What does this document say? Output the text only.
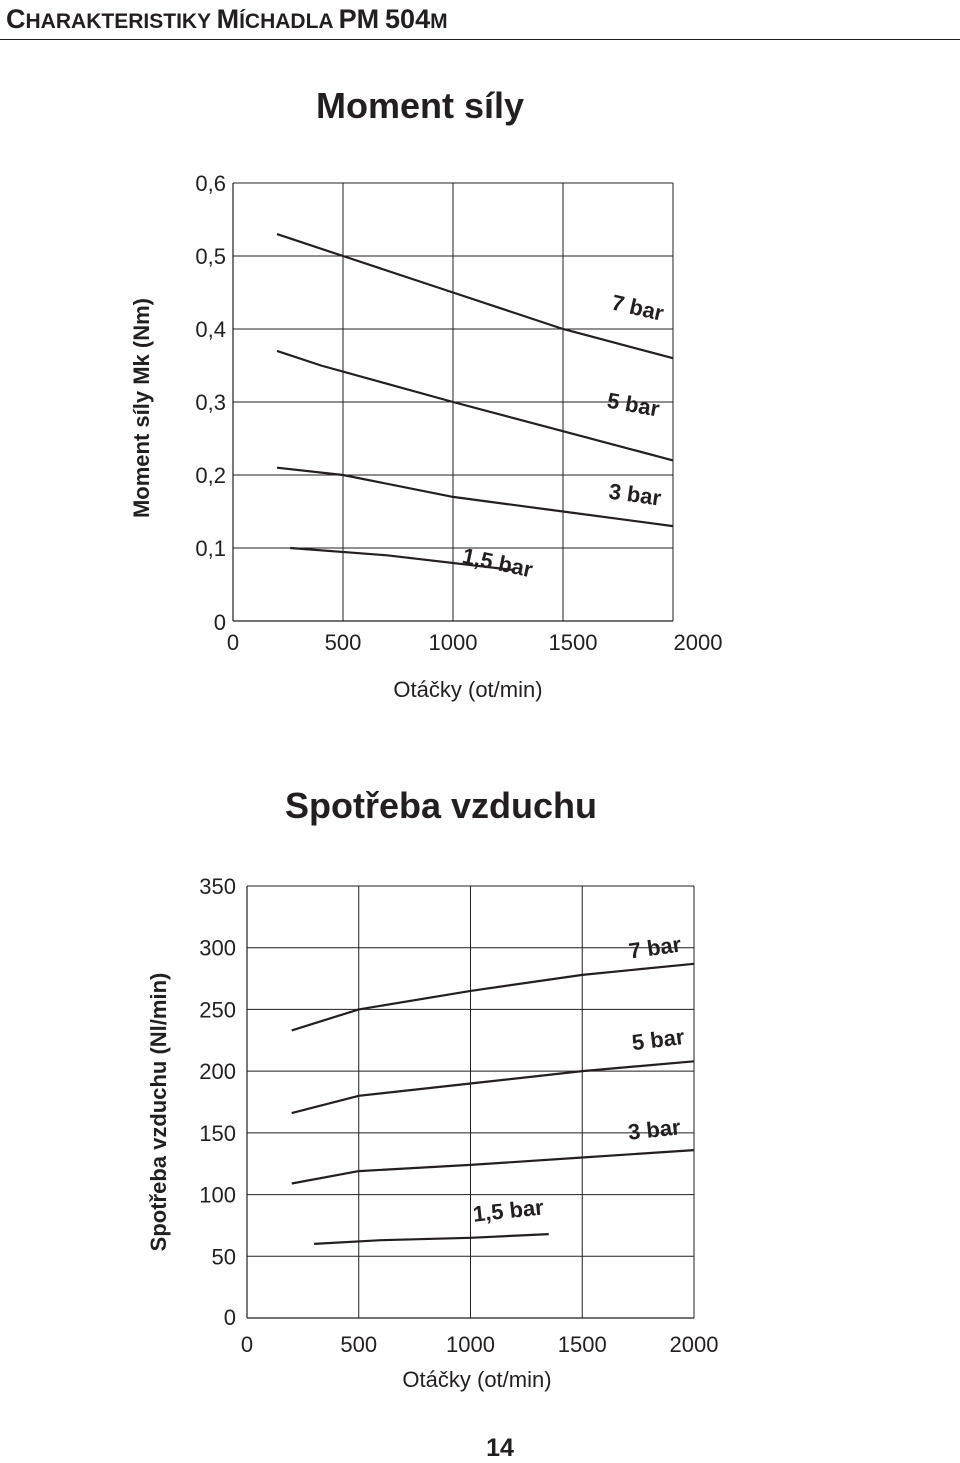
CHARAKTERISTIKY MÍCHADLA PM 504M
Moment síly
0
0,1
0,2
0,3
0,4
0,5
0,6
0	500	1000	1500	2000
Otáčky (ot/min)
Moment síly Mk (Nm)	7 bar
5 bar
3 bar
1,5 bar
Spotřeba vzduchu
0
50
100
150
200
250
300
350
0	500	1000	1500	2000
Otáčky (ot/min)
Spotřeba vzduchu (Nl/min)
7 bar
5 bar
3 bar
1,5 bar
14
